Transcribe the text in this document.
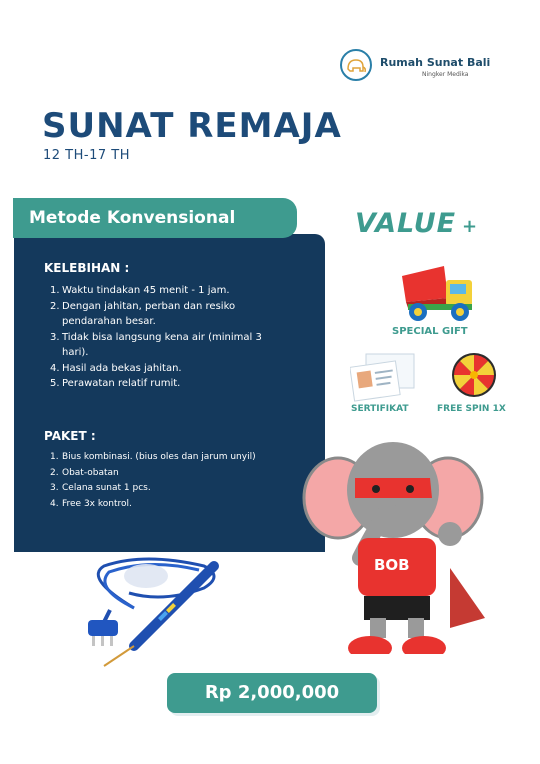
Rumah Sunat Bali
Ningker Medika
SUNAT REMAJA
12 TH-17 TH
Metode Konvensional
KELEBIHAN :
1. Waktu tindakan 45 menit - 1 jam.
2. Dengan jahitan, perban dan resiko
pendarahan besar.
3. Tidak bisa langsung kena air (minimal 3
hari).
4. Hasil ada bekas jahitan.
5. Perawatan relatif rumit.
PAKET :
1. Bius kombinasi. (bius oles dan jarum unyil)
2. Obat-obatan
3. Celana sunat 1 pcs.
4. Free 3x kontrol.
VALUE +
SPECIAL GIFT
SERTIFIKAT	FREE SPIN 1X
BOB
Rp 2,000,000
